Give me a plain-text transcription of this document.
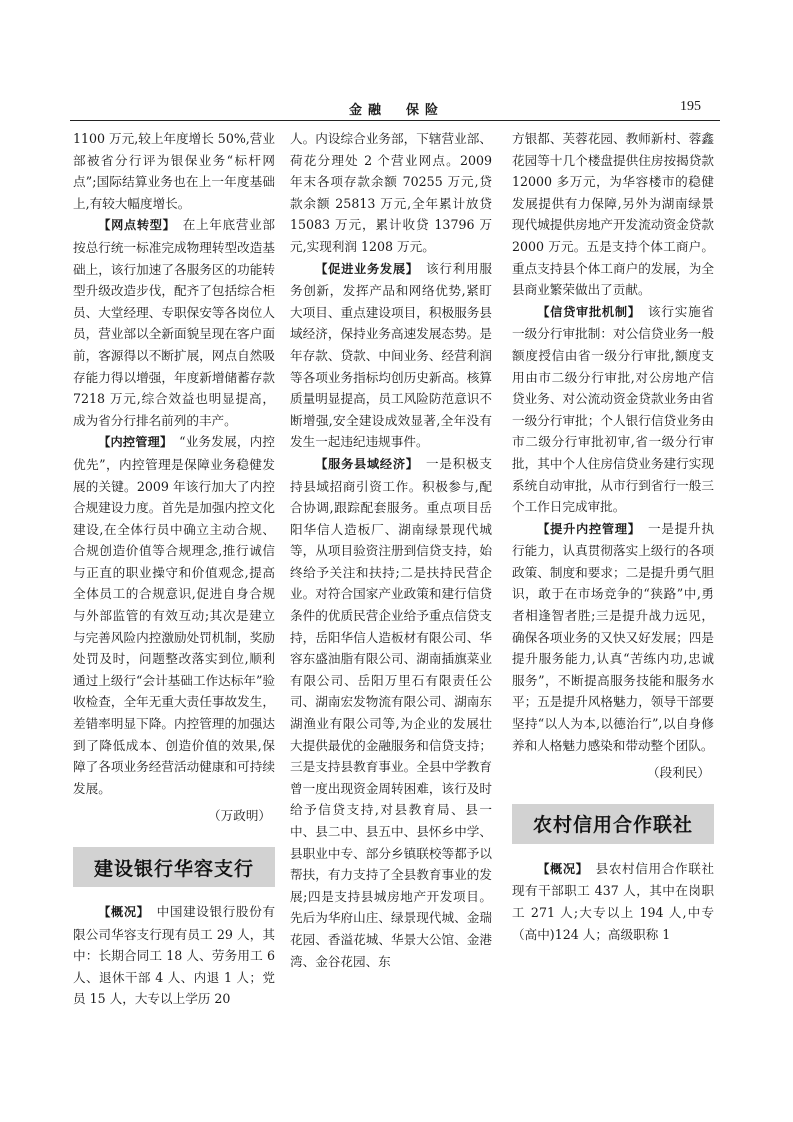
金融　保险	195

1100 万元,较上年度增长 50%,营业部被省分行评为银保业务“标杆网点”;国际结算业务也在上一年度基础上,有较大幅度增长。

【网点转型】　 在上年底营业部按总行统一标准完成物理转型改造基础上，该行加速了各服务区的功能转型升级改造步伐，配齐了包括综合柜员、大堂经理、专职保安等各岗位人员，营业部以全新面貌呈现在客户面前，客源得以不断扩展，网点自然吸存能力得以增强，年度新增储蓄存款 7218 万元,综合效益也明显提高，成为省分行排名前列的丰产。

【内控管理】　 “业务发展，内控优先”，内控管理是保障业务稳健发展的关键。2009 年该行加大了内控合规建设力度。首先是加强内控文化建设,在全体行员中确立主动合规、合规创造价值等合规理念,推行诚信与正直的职业操守和价值观念,提高全体员工的合规意识,促进自身合规与外部监管的有效互动;其次是建立与完善风险内控激励处罚机制，奖励处罚及时，问题整改落实到位,顺利通过上级行“会计基础工作达标年”验收检查，全年无重大责任事故发生，差错率明显下降。内控管理的加强达到了降低成本、创造价值的效果,保障了各项业务经营活动健康和可持续发展。

（万政明）
建设银行华容支行

【概况】　 中国建设银行股份有限公司华容支行现有员工 29 人，其中：长期合同工 18 人、劳务用工 6 人、退休干部 4 人、内退 1 人；党员 15 人，大专以上学历 20

人。内设综合业务部，下辖营业部、荷花分理处 2 个营业网点。2009 年末各项存款余额 70255 万元,贷款余额 25813 万元,全年累计放贷 15083 万元，累计收贷 13796 万元,实现利润 1208 万元。

【促进业务发展】　 该行利用服务创新，发挥产品和网络优势,紧盯大项目、重点建设项目，积极服务县域经济，保持业务高速发展态势。是年存款、贷款、中间业务、经营利润等各项业务指标均创历史新高。核算质量明显提高，员工风险防范意识不断增强,安全建设成效显著,全年没有发生一起违纪违规事件。

【服务县域经济】　 一是积极支持县域招商引资工作。积极参与,配合协调,跟踪配套服务。重点项目岳阳华信人造板厂、湖南绿景现代城等，从项目验资注册到信贷支持，始终给予关注和扶持;二是扶持民营企业。对符合国家产业政策和建行信贷条件的优质民营企业给予重点信贷支持，岳阳华信人造板材有限公司、华容东盛油脂有限公司、湖南插旗菜业有限公司、岳阳万里石有限责任公司、湖南宏发物流有限公司、湖南东湖渔业有限公司等,为企业的发展壮大提供最优的金融服务和信贷支持；三是支持县教育事业。全县中学教育曾一度出现资金周转困难，该行及时给予信贷支持,对县教育局、县一中、县二中、县五中、县怀乡中学、县职业中专、部分乡镇联校等都予以帮扶，有力支持了全县教育事业的发展;四是支持县城房地产开发项目。先后为华府山庄、绿景现代城、金瑞花园、香溢花城、华景大公馆、金港湾、金谷花园、东

方银都、芙蓉花园、教师新村、蓉鑫花园等十几个楼盘提供住房按揭贷款 12000 多万元，为华容楼市的稳健发展提供有力保障,另外为湖南绿景现代城提供房地产开发流动资金贷款 2000 万元。五是支持个体工商户。重点支持县个体工商户的发展，为全县商业繁荣做出了贡献。

【信贷审批机制】　 该行实施省一级分行审批制：对公信贷业务一般额度授信由省一级分行审批,额度支用由市二级分行审批,对公房地产信贷业务、对公流动资金贷款业务由省一级分行审批；个人银行信贷业务由市二级分行审批初审,省一级分行审批，其中个人住房信贷业务建行实现系统自动审批，从市行到省行一般三个工作日完成审批。

【提升内控管理】　 一是提升执行能力，认真贯彻落实上级行的各项政策、制度和要求；二是提升勇气胆识，敢于在市场竞争的“狭路”中,勇者相逢智者胜;三是提升战力远见，确保各项业务的又快又好发展；四是提升服务能力,认真“苦练内功,忠诚服务”，不断提高服务技能和服务水平；五是提升风格魅力，领导干部要坚持“以人为本,以德治行”,以自身修养和人格魅力感染和带动整个团队。

（段利民）
农村信用合作联社

【概况】　 县农村信用合作联社现有干部职工 437 人，其中在岗职工 271 人;大专以上 194 人,中专（高中)124 人；高级职称 1
